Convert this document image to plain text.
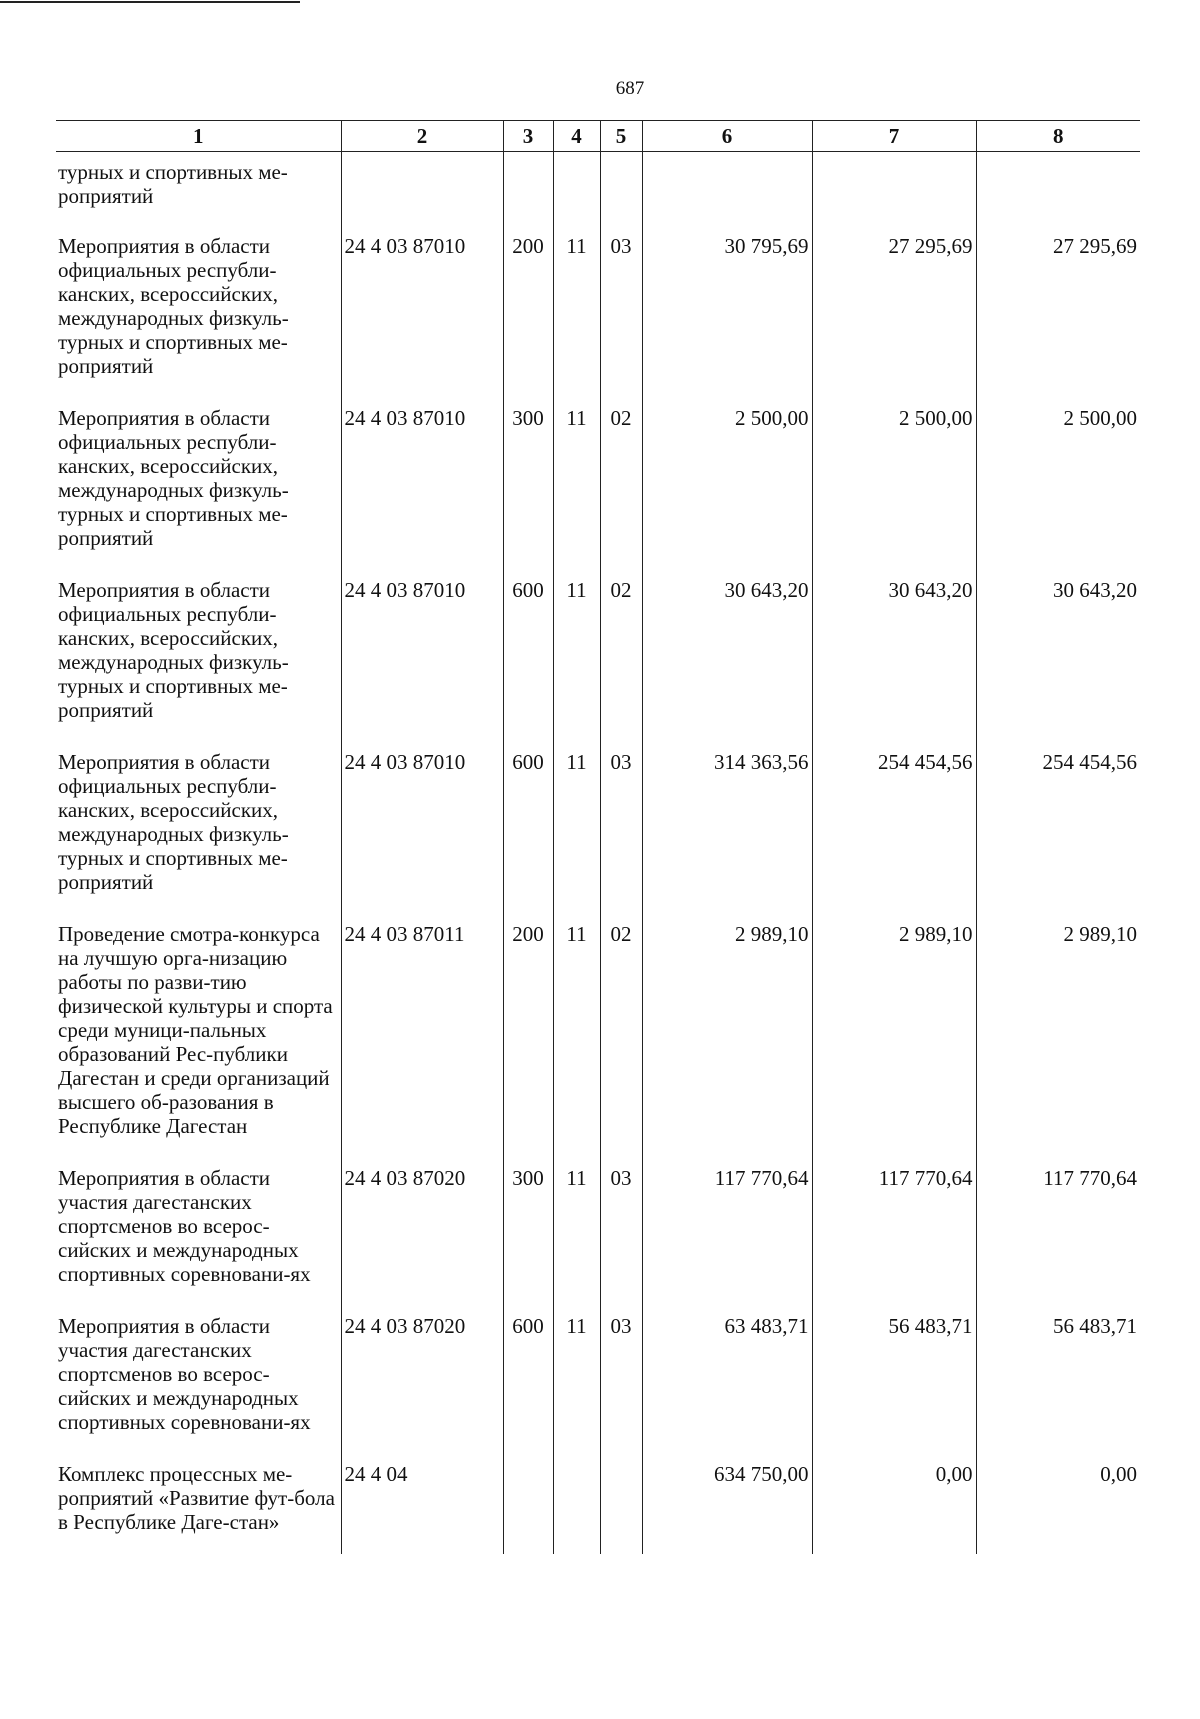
687
1	2	3	4	5	6	7	8
турных и спортивных ме- роприятий							
Мероприятия в области официальных республи-канских, всероссийских, международных физкуль-турных и спортивных ме-роприятий	24 4 03 87010	200	11	03	30 795,69	27 295,69	27 295,69
Мероприятия в области официальных республи-канских, всероссийских, международных физкуль-турных и спортивных ме-роприятий	24 4 03 87010	300	11	02	2 500,00	2 500,00	2 500,00
Мероприятия в области официальных республи-канских, всероссийских, международных физкуль-турных и спортивных ме-роприятий	24 4 03 87010	600	11	02	30 643,20	30 643,20	30 643,20
Мероприятия в области официальных республи-канских, всероссийских, международных физкуль-турных и спортивных ме-роприятий	24 4 03 87010	600	11	03	314 363,56	254 454,56	254 454,56
Проведение смотра-конкурса на лучшую орга-низацию работы по разви-тию физической культуры и спорта среди муници-пальных образований Рес-публики Дагестан и среди организаций высшего об-разования в Республике Дагестан	24 4 03 87011	200	11	02	2 989,10	2 989,10	2 989,10
Мероприятия в области участия дагестанских спортсменов во всерос-сийских и международных спортивных соревновани-ях	24 4 03 87020	300	11	03	117 770,64	117 770,64	117 770,64
Мероприятия в области участия дагестанских спортсменов во всерос-сийских и международных спортивных соревновани-ях	24 4 03 87020	600	11	03	63 483,71	56 483,71	56 483,71
Комплекс процессных ме-роприятий «Развитие фут-бола в Республике Даге-стан»	24 4 04				634 750,00	0,00	0,00
